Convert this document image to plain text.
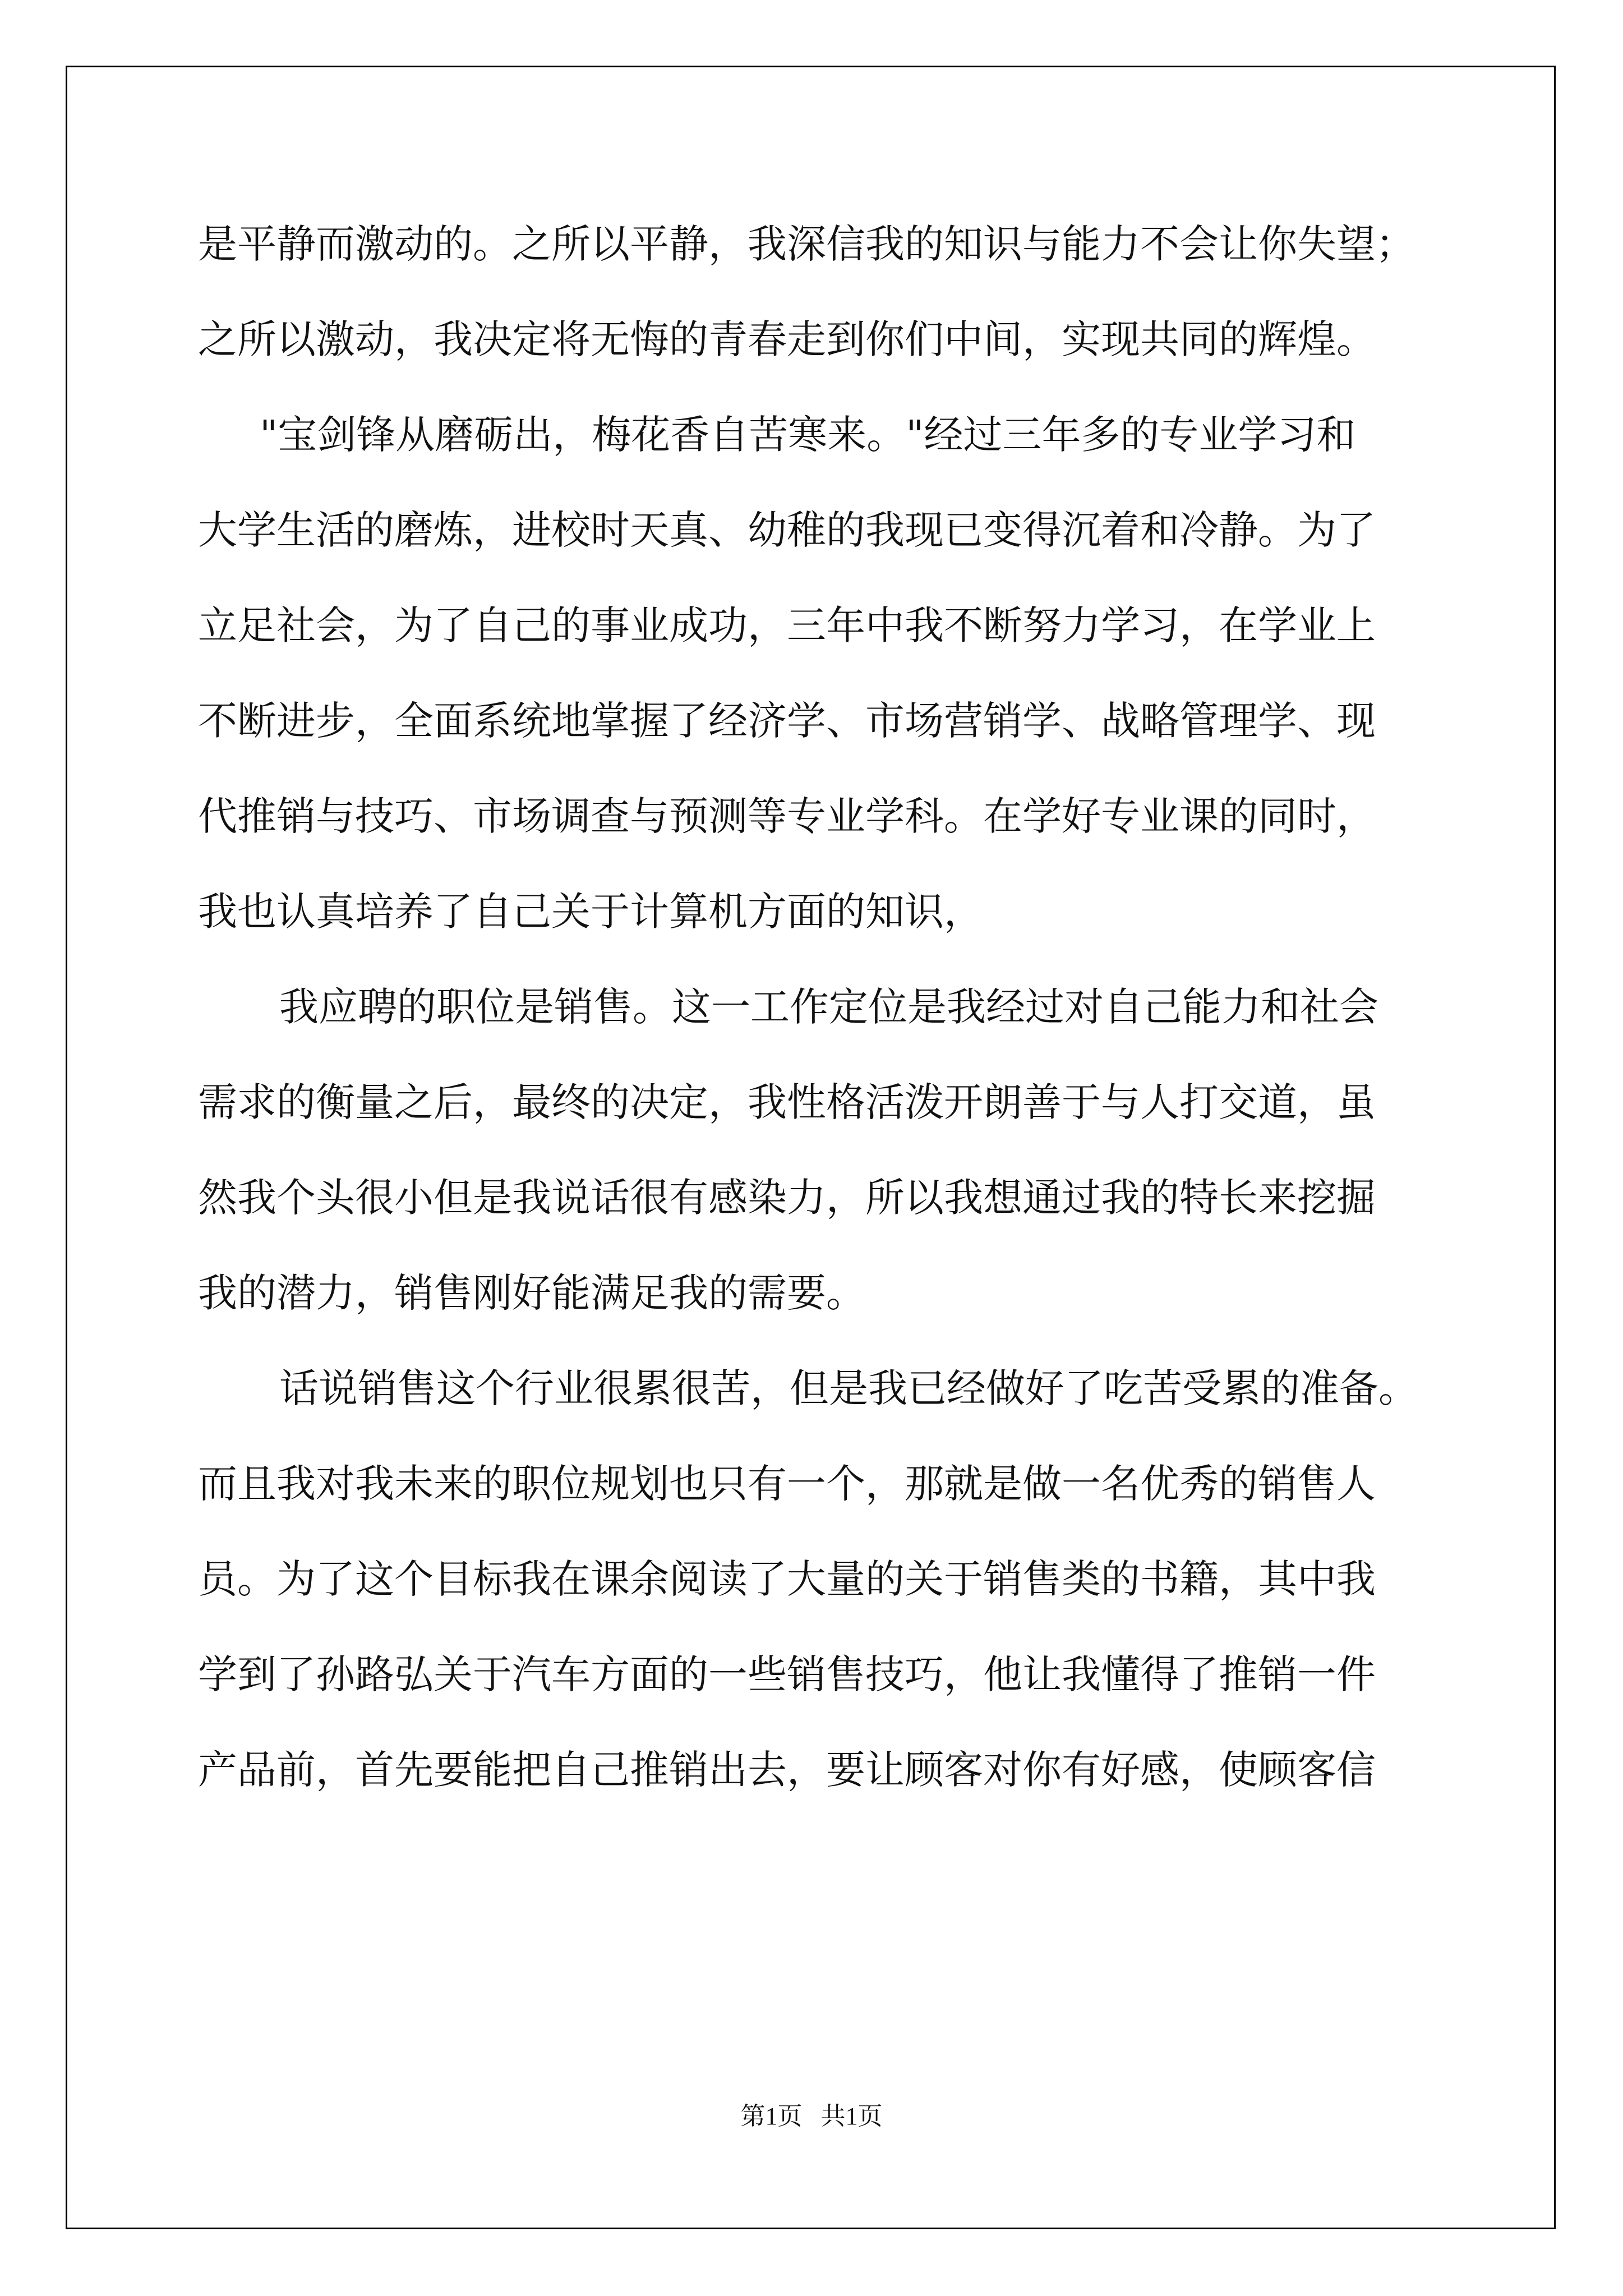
是平静而激动的。之所以平静，我深信我的知识与能力不会让你失望；
之所以激动，我决定将无悔的青春走到你们中间，实现共同的辉煌。
"宝剑锋从磨砺出，梅花香自苦寒来。"经过三年多的专业学习和
大学生活的磨炼，进校时天真、幼稚的我现已变得沉着和冷静。为了
立足社会，为了自己的事业成功，三年中我不断努力学习，在学业上
不断进步，全面系统地掌握了经济学、市场营销学、战略管理学、现
代推销与技巧、市场调查与预测等专业学科。在学好专业课的同时，
我也认真培养了自己关于计算机方面的知识，
我应聘的职位是销售。这一工作定位是我经过对自己能力和社会
需求的衡量之后，最终的决定，我性格活泼开朗善于与人打交道，虽
然我个头很小但是我说话很有感染力，所以我想通过我的特长来挖掘
我的潜力，销售刚好能满足我的需要。
话说销售这个行业很累很苦，但是我已经做好了吃苦受累的准备。
而且我对我未来的职位规划也只有一个，那就是做一名优秀的销售人
员。为了这个目标我在课余阅读了大量的关于销售类的书籍，其中我
学到了孙路弘关于汽车方面的一些销售技巧，他让我懂得了推销一件
产品前，首先要能把自己推销出去，要让顾客对你有好感，使顾客信
第1页   共1页
